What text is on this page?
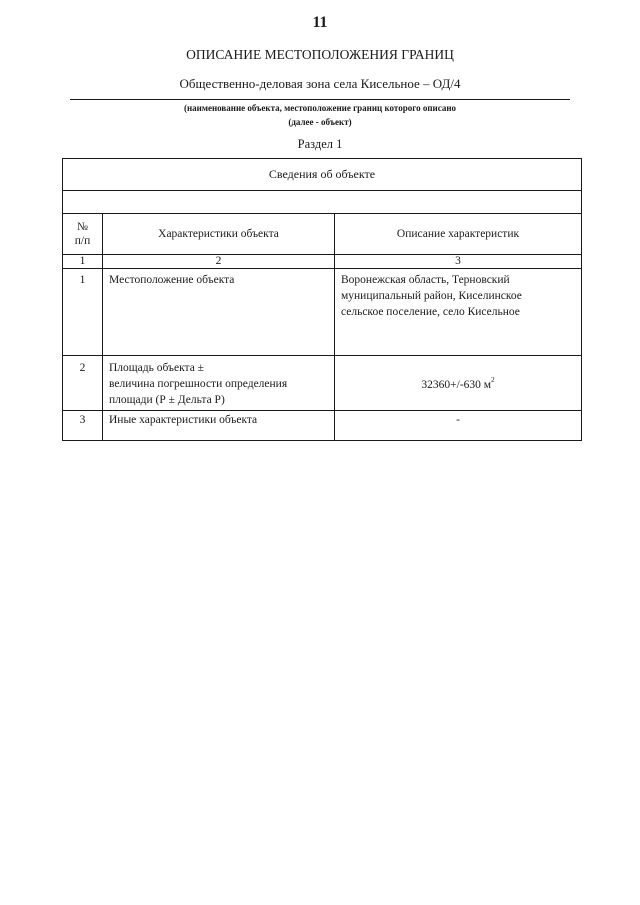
11
ОПИСАНИЕ МЕСТОПОЛОЖЕНИЯ ГРАНИЦ
Общественно-деловая зона села Кисельное – ОД/4
(наименование объекта, местоположение границ которого описано
(далее - объект)
Раздел 1
Сведения об объекте		

№
п/п	Характеристики объекта	Описание характеристик
1	2	3
1	Местоположение объекта	Воронежская область, Терновский
муниципальный район, Киселинское
сельское поселение, село Кисельное
2	Площадь объекта ±
величина погрешности определения
площади (Р ± Дельта Р)	32360+/-630 $м^2$
3	Иные характеристики объекта	-
